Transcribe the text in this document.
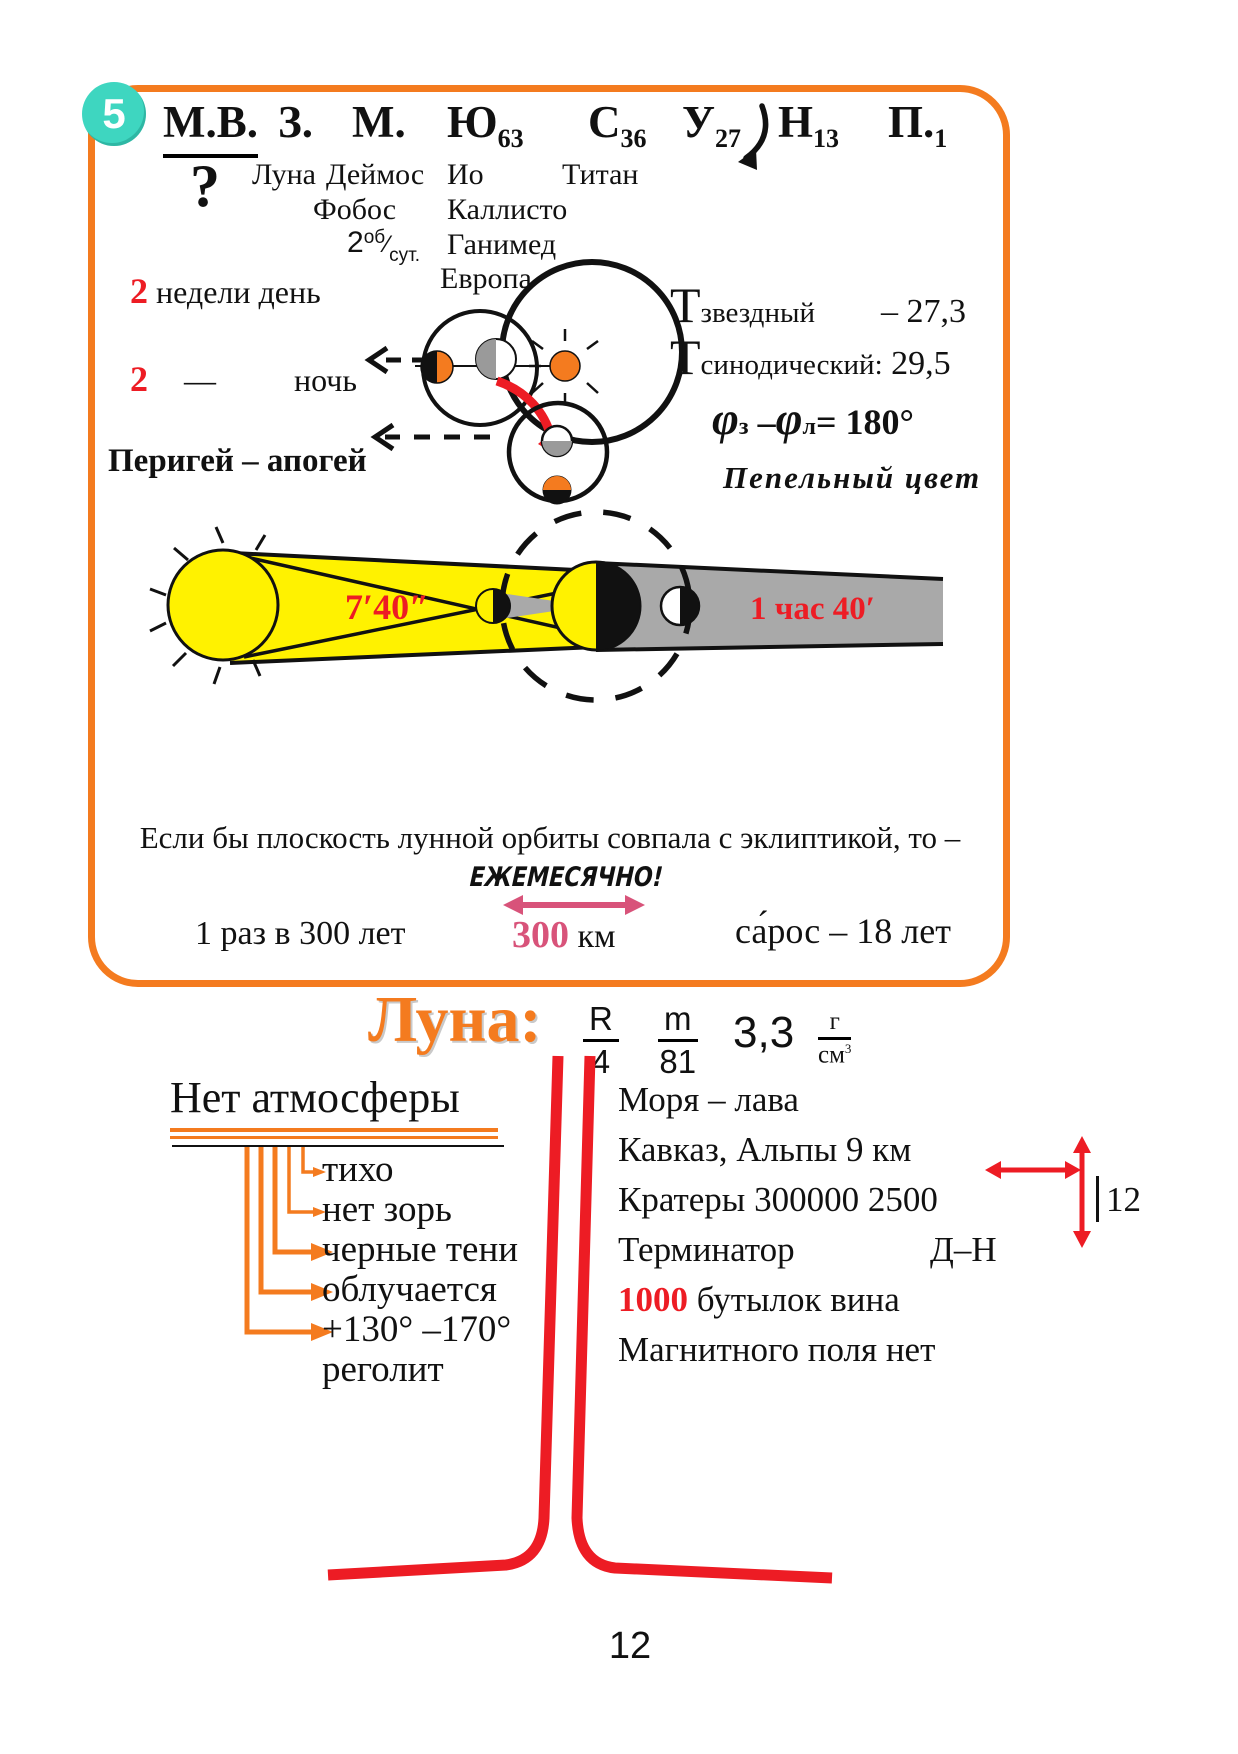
5 М.В. З. М. $Ю_{63}$ $С_{36}$ $У_{27}$ $Н_{13}$ $П._1$
? Луна Деймос
Фобос
$2^{об}⁄_{сут.}$
Ио
Каллисто
Ганимед
Европа
Титан
2 недели день
2 — ночь
Перигей – апогей
Тзвездный – 27,3
Тсинодический: 29,5
φз –φл= 180°
Пепельный цвет
7′40″	1 час 40′
Если бы плоскость лунной орбиты совпала с эклиптикой, то –
ЕЖЕМЕСЯЧНО!
1 раз в 300 лет	300 км	са́рос – 18 лет
Луна: $\frac{R}{4} \frac{m}{81} 3,3$	г
$см^3$
Нет атмосферы
тихо
нет зорь
черные тени
облучается
+130° –170°
реголит
Моря – лава
Кавказ, Альпы 9 км
Кратеры 300000 2500	12
Терминатор	Д–Н
1000 бутылок вина
Магнитного поля нет
12
